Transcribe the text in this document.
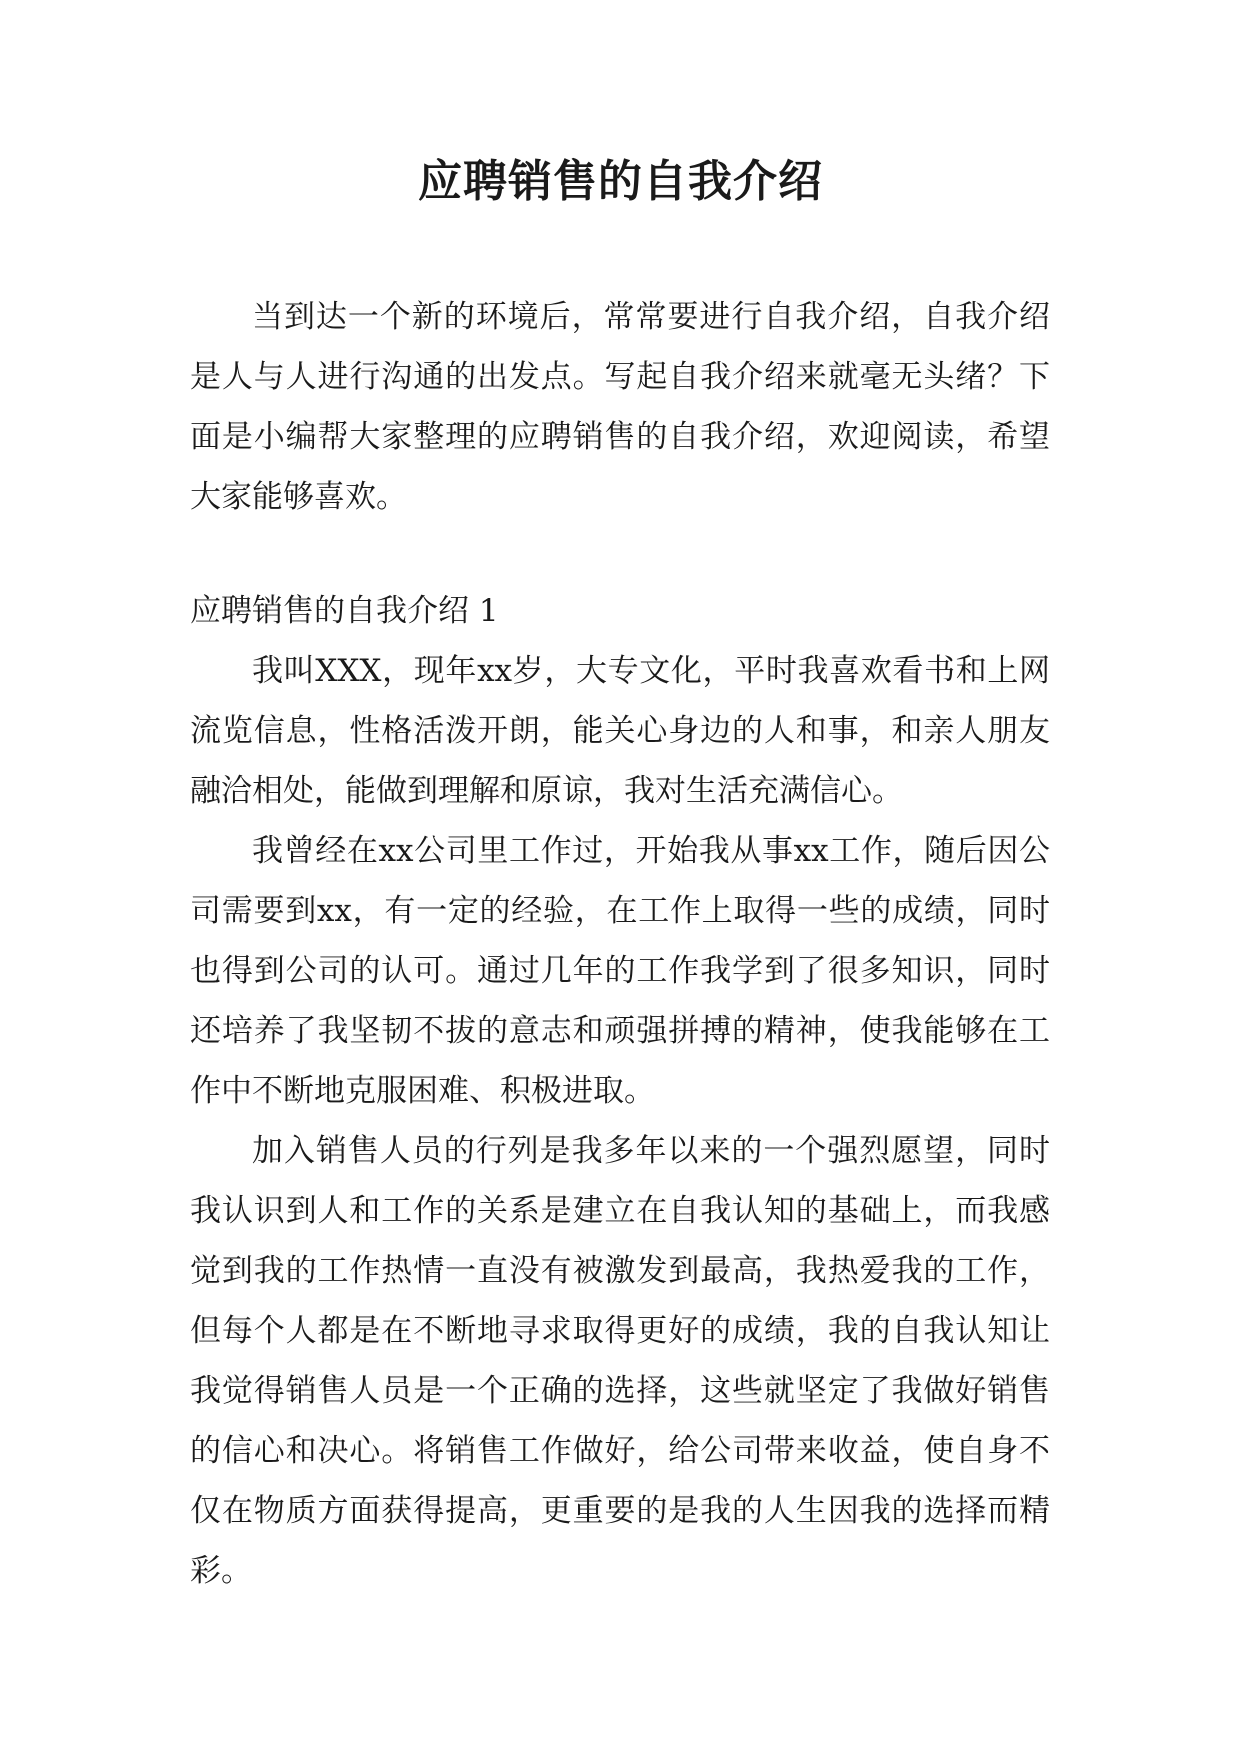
应聘销售的自我介绍

当到达一个新的环境后，常常要进行自我介绍，自我介绍是人与人进行沟通的出发点。写起自我介绍来就毫无头绪？下面是小编帮大家整理的应聘销售的自我介绍，欢迎阅读，希望大家能够喜欢。

应聘销售的自我介绍 1

我叫XXX，现年xx岁，大专文化，平时我喜欢看书和上网流览信息，性格活泼开朗，能关心身边的人和事，和亲人朋友融洽相处，能做到理解和原谅，我对生活充满信心。

我曾经在xx公司里工作过，开始我从事xx工作，随后因公司需要到xx，有一定的经验，在工作上取得一些的成绩，同时也得到公司的认可。通过几年的工作我学到了很多知识，同时还培养了我坚韧不拔的意志和顽强拼搏的精神，使我能够在工作中不断地克服困难、积极进取。

加入销售人员的行列是我多年以来的一个强烈愿望，同时我认识到人和工作的关系是建立在自我认知的基础上，而我感觉到我的工作热情一直没有被激发到最高，我热爱我的工作，但每个人都是在不断地寻求取得更好的成绩，我的自我认知让我觉得销售人员是一个正确的选择，这些就坚定了我做好销售的信心和决心。将销售工作做好，给公司带来收益，使自身不仅在物质方面获得提高，更重要的是我的人生因我的选择而精彩。
